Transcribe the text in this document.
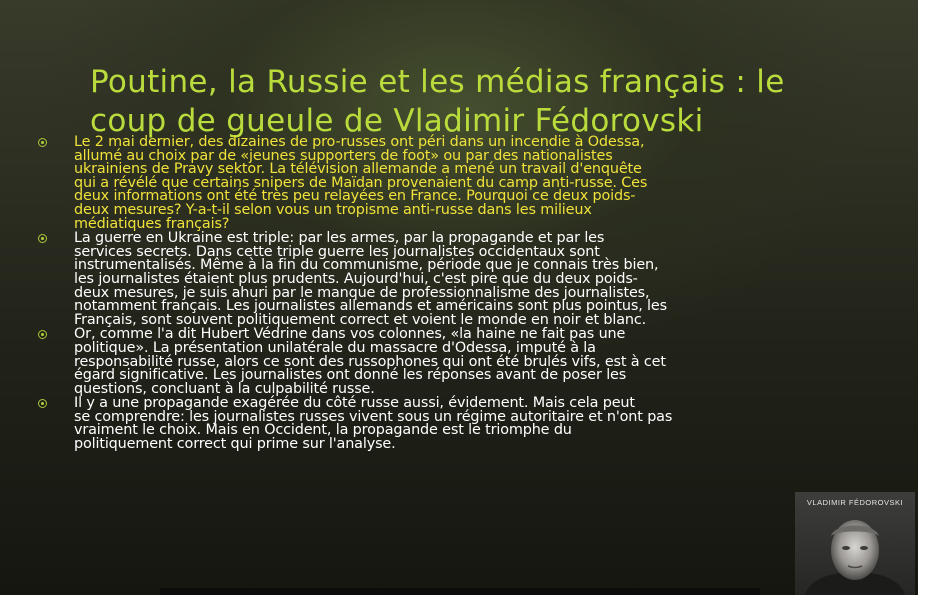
Poutine, la Russie et les médias français : le
coup de gueule de Vladimir Fédorovski
Le 2 mai dernier, des dizaines de pro-russes ont péri dans un incendie à Odessa,
allumé au choix par de «jeunes supporters de foot» ou par des nationalistes
ukrainiens de Pravy sektor. La télévision allemande a mené un travail d'enquête
qui a révélé que certains snipers de Maïdan provenaient du camp anti-russe. Ces
deux informations ont été très peu relayées en France. Pourquoi ce deux poids-
deux mesures? Y-a-t-il selon vous un tropisme anti-russe dans les milieux
médiatiques français?
La guerre en Ukraine est triple: par les armes, par la propagande et par les
services secrets. Dans cette triple guerre les journalistes occidentaux sont
instrumentalisés. Même à la fin du communisme, période que je connais très bien,
les journalistes étaient plus prudents. Aujourd'hui, c'est pire que du deux poids-
deux mesures, je suis ahuri par le manque de professionnalisme des journalistes,
notamment français. Les journalistes allemands et américains sont plus pointus, les
Français, sont souvent politiquement correct et voient le monde en noir et blanc.
Or, comme l'a dit Hubert Védrine dans vos colonnes, «la haine ne fait pas une
politique». La présentation unilatérale du massacre d'Odessa, imputé à la
responsabilité russe, alors ce sont des russophones qui ont été brulés vifs, est à cet
égard significative. Les journalistes ont donné les réponses avant de poser les
questions, concluant à la culpabilité russe.
Il y a une propagande exagérée du côté russe aussi, évidement. Mais cela peut
se comprendre: les journalistes russes vivent sous un régime autoritaire et n'ont pas
vraiment le choix. Mais en Occident, la propagande est le triomphe du
politiquement correct qui prime sur l'analyse.
VLADIMIR FÉDOROVSKI
